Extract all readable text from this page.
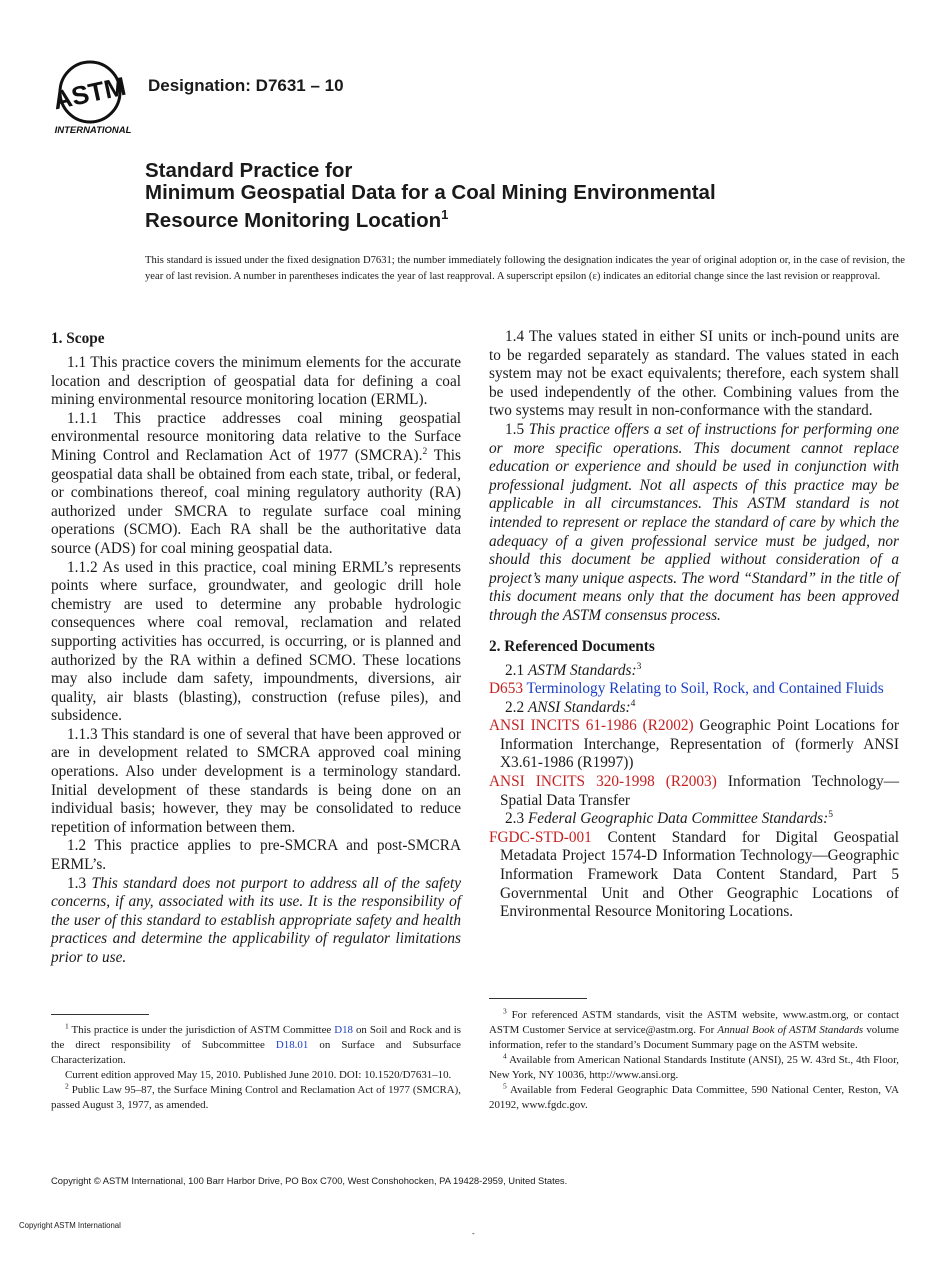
ASTM
INTERNATIONAL
Designation: D7631 – 10
Standard Practice for
Minimum Geospatial Data for a Coal Mining Environmental
Resource Monitoring Location$^1$
This standard is issued under the fixed designation D7631; the number immediately following the designation indicates the year of original adoption or, in the case of revision, the year of last revision. A number in parentheses indicates the year of last reapproval. A superscript epsilon (ε) indicates an editorial change since the last revision or reapproval.
1. Scope

1.1 This practice covers the minimum elements for the accurate location and description of geospatial data for defining a coal mining environmental resource monitoring location (ERML).

1.1.1 This practice addresses coal mining geospatial environmental resource monitoring data relative to the Surface Mining Control and Reclamation Act of 1977 (SMCRA).$^2$ This geospatial data shall be obtained from each state, tribal, or federal, or combinations thereof, coal mining regulatory authority (RA) authorized under SMCRA to regulate surface coal mining operations (SCMO). Each RA shall be the authoritative data source (ADS) for coal mining geospatial data.

1.1.2 As used in this practice, coal mining ERML’s represents points where surface, groundwater, and geologic drill hole chemistry are used to determine any probable hydrologic consequences where coal removal, reclamation and related supporting activities has occurred, is occurring, or is planned and authorized by the RA within a defined SCMO. These locations may also include dam safety, impoundments, diversions, air quality, air blasts (blasting), construction (refuse piles), and subsidence.

1.1.3 This standard is one of several that have been approved or are in development related to SMCRA approved coal mining operations. Also under development is a terminology standard. Initial development of these standards is being done on an individual basis; however, they may be consolidated to reduce repetition of information between them.

1.2 This practice applies to pre-SMCRA and post-SMCRA ERML’s.

1.3 This standard does not purport to address all of the safety concerns, if any, associated with its use. It is the responsibility of the user of this standard to establish appropriate safety and health practices and determine the applicability of regulator limitations prior to use.

1.4 The values stated in either SI units or inch-pound units are to be regarded separately as standard. The values stated in each system may not be exact equivalents; therefore, each system shall be used independently of the other. Combining values from the two systems may result in non-conformance with the standard.

1.5 This practice offers a set of instructions for performing one or more specific operations. This document cannot replace education or experience and should be used in conjunction with professional judgment. Not all aspects of this practice may be applicable in all circumstances. This ASTM standard is not intended to represent or replace the standard of care by which the adequacy of a given professional service must be judged, nor should this document be applied without consideration of a project’s many unique aspects. The word “Standard” in the title of this document means only that the document has been approved through the ASTM consensus process.

2. Referenced Documents

2.1 ASTM Standards:$^3$

D653 Terminology Relating to Soil, Rock, and Contained Fluids

2.2 ANSI Standards:$^4$

ANSI INCITS 61-1986 (R2002) Geographic Point Locations for Information Interchange, Representation of (formerly ANSI X3.61-1986 (R1997))

ANSI INCITS 320-1998 (R2003) Information Technology—Spatial Data Transfer

2.3 Federal Geographic Data Committee Standards:$^5$

FGDC-STD-001 Content Standard for Digital Geospatial Metadata Project 1574-D Information Technology—Geographic Information Framework Data Content Standard, Part 5 Governmental Unit and Other Geographic Locations of Environmental Resource Monitoring Locations.

$^1$ This practice is under the jurisdiction of ASTM Committee D18 on Soil and Rock and is the direct responsibility of Subcommittee D18.01 on Surface and Subsurface Characterization.

Current edition approved May 15, 2010. Published June 2010. DOI: 10.1520/D7631–10.

$^2$ Public Law 95–87, the Surface Mining Control and Reclamation Act of 1977 (SMCRA), passed August 3, 1977, as amended.

$^3$ For referenced ASTM standards, visit the ASTM website, www.astm.org, or contact ASTM Customer Service at service@astm.org. For Annual Book of ASTM Standards volume information, refer to the standard’s Document Summary page on the ASTM website.

$^4$ Available from American National Standards Institute (ANSI), 25 W. 43rd St., 4th Floor, New York, NY 10036, http://www.ansi.org.

$^5$ Available from Federal Geographic Data Committee, 590 National Center, Reston, VA 20192, www.fgdc.gov.

Copyright © ASTM International, 100 Barr Harbor Drive, PO Box C700, West Conshohocken, PA 19428-2959, United States.
Copyright ASTM International
-
